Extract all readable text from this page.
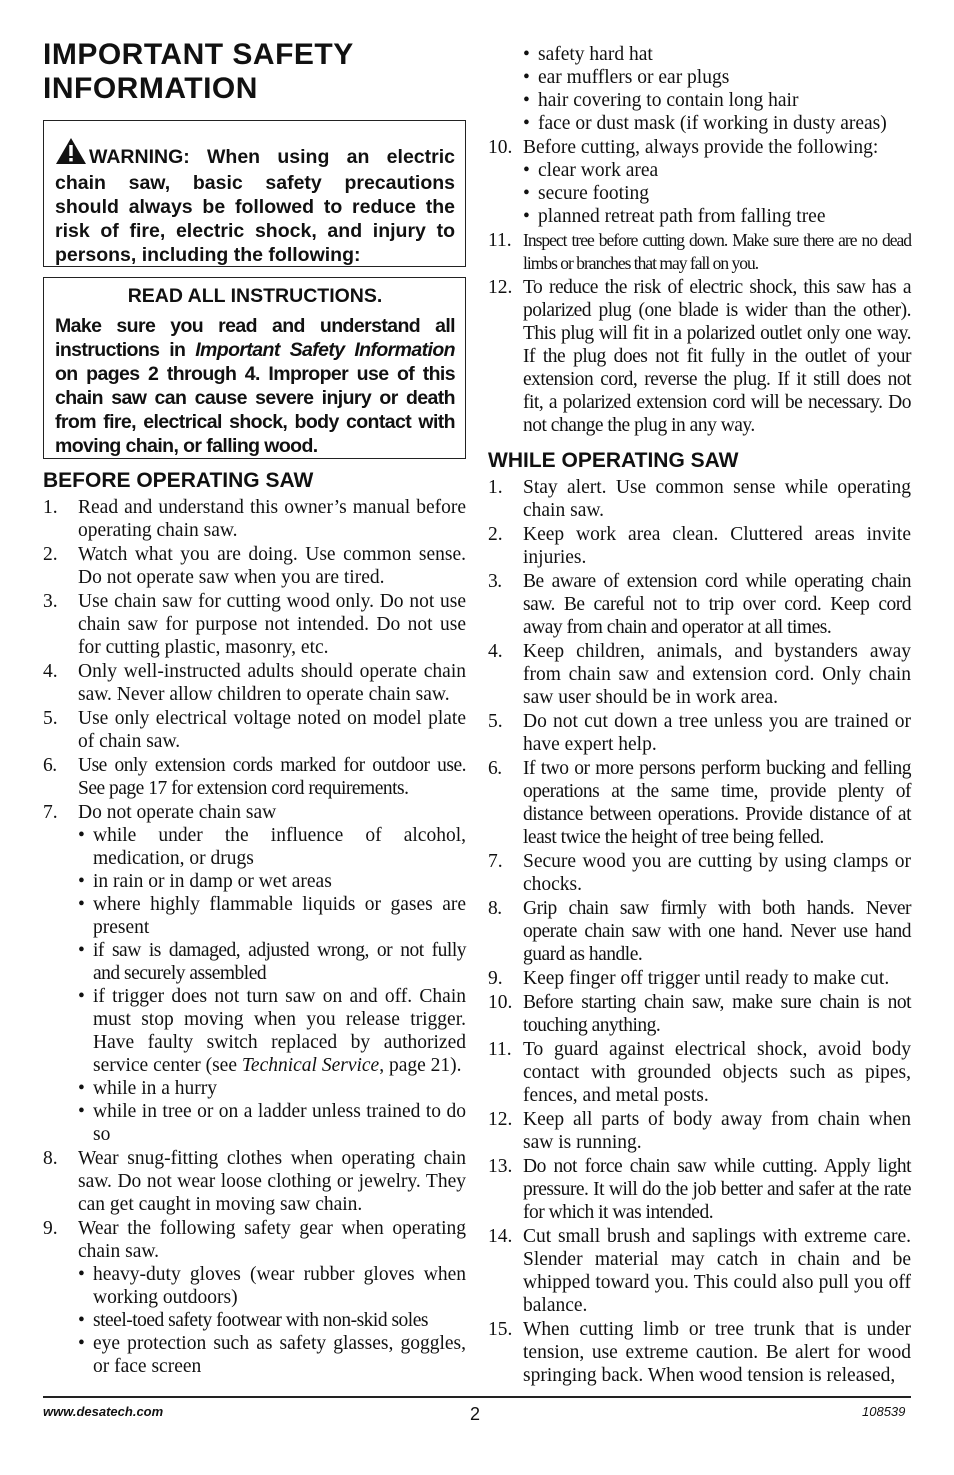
IMPORTANT SAFETY
INFORMATION
WARNING: When using an electric chain saw, basic safety precautions should always be followed to reduce the risk of fire, electric shock, and injury to persons, including the following:
READ ALL INSTRUCTIONS.
Make sure you read and understand all instructions in Important Safety Information on pages 2 through 4. Improper use of this chain saw can cause severe injury or death from fire, electrical shock, body contact with moving chain, or falling wood.
BEFORE OPERATING SAW
1. Read and understand this owner’s manual before operating chain saw.
2. Watch what you are doing. Use common sense. Do not operate saw when you are tired.
3. Use chain saw for cutting wood only. Do not use chain saw for purpose not intended. Do not use for cutting plastic, masonry, etc.
4. Only well-instructed adults should operate chain saw. Never allow children to operate chain saw.
5. Use only electrical voltage noted on model plate of chain saw.
6. Use only extension cords marked for outdoor use. See page 17 for extension cord requirements.
7. Do not operate chain saw
• while under the influence of alcohol, medication, or drugs
• in rain or in damp or wet areas
• where highly flammable liquids or gases are present
• if saw is damaged, adjusted wrong, or not fully and securely assembled
• if trigger does not turn saw on and off. Chain must stop moving when you release trigger. Have faulty switch replaced by authorized service center (see Technical Service, page 21).
• while in a hurry
• while in tree or on a ladder unless trained to do so
8. Wear snug-fitting clothes when operating chain saw. Do not wear loose clothing or jewelry. They can get caught in moving saw chain.
9. Wear the following safety gear when operating chain saw.
• heavy-duty gloves (wear rubber gloves when working outdoors)
• steel-toed safety footwear with non-skid soles
• eye protection such as safety glasses, goggles, or face screen
• safety hard hat
• ear mufflers or ear plugs
• hair covering to contain long hair
• face or dust mask (if working in dusty areas)
10. Before cutting, always provide the following:
• clear work area
• secure footing
• planned retreat path from falling tree
11. Inspect tree before cutting down. Make sure there are no dead limbs or branches that may fall on you.
12. To reduce the risk of electric shock, this saw has a polarized plug (one blade is wider than the other). This plug will fit in a polarized outlet only one way. If the plug does not fit fully in the outlet of your extension cord, reverse the plug. If it still does not fit, a polarized extension cord will be necessary. Do not change the plug in any way.
WHILE OPERATING SAW
1. Stay alert. Use common sense while operating chain saw.
2. Keep work area clean. Cluttered areas invite injuries.
3. Be aware of extension cord while operating chain saw. Be careful not to trip over cord. Keep cord away from chain and operator at all times.
4. Keep children, animals, and bystanders away from chain saw and extension cord. Only chain saw user should be in work area.
5. Do not cut down a tree unless you are trained or have expert help.
6. If two or more persons perform bucking and felling operations at the same time, provide plenty of distance between operations. Provide distance of at least twice the height of tree being felled.
7. Secure wood you are cutting by using clamps or chocks.
8. Grip chain saw firmly with both hands. Never operate chain saw with one hand. Never use hand guard as handle.
9. Keep finger off trigger until ready to make cut.
10. Before starting chain saw, make sure chain is not touching anything.
11. To guard against electrical shock, avoid body contact with grounded objects such as pipes, fences, and metal posts.
12. Keep all parts of body away from chain when saw is running.
13. Do not force chain saw while cutting. Apply light pressure. It will do the job better and safer at the rate for which it was intended.
14. Cut small brush and saplings with extreme care. Slender material may catch in chain and be whipped toward you. This could also pull you off balance.
15. When cutting limb or tree trunk that is under tension, use extreme caution. Be alert for wood springing back. When wood tension is released,
www.desatech.com	2	108539
